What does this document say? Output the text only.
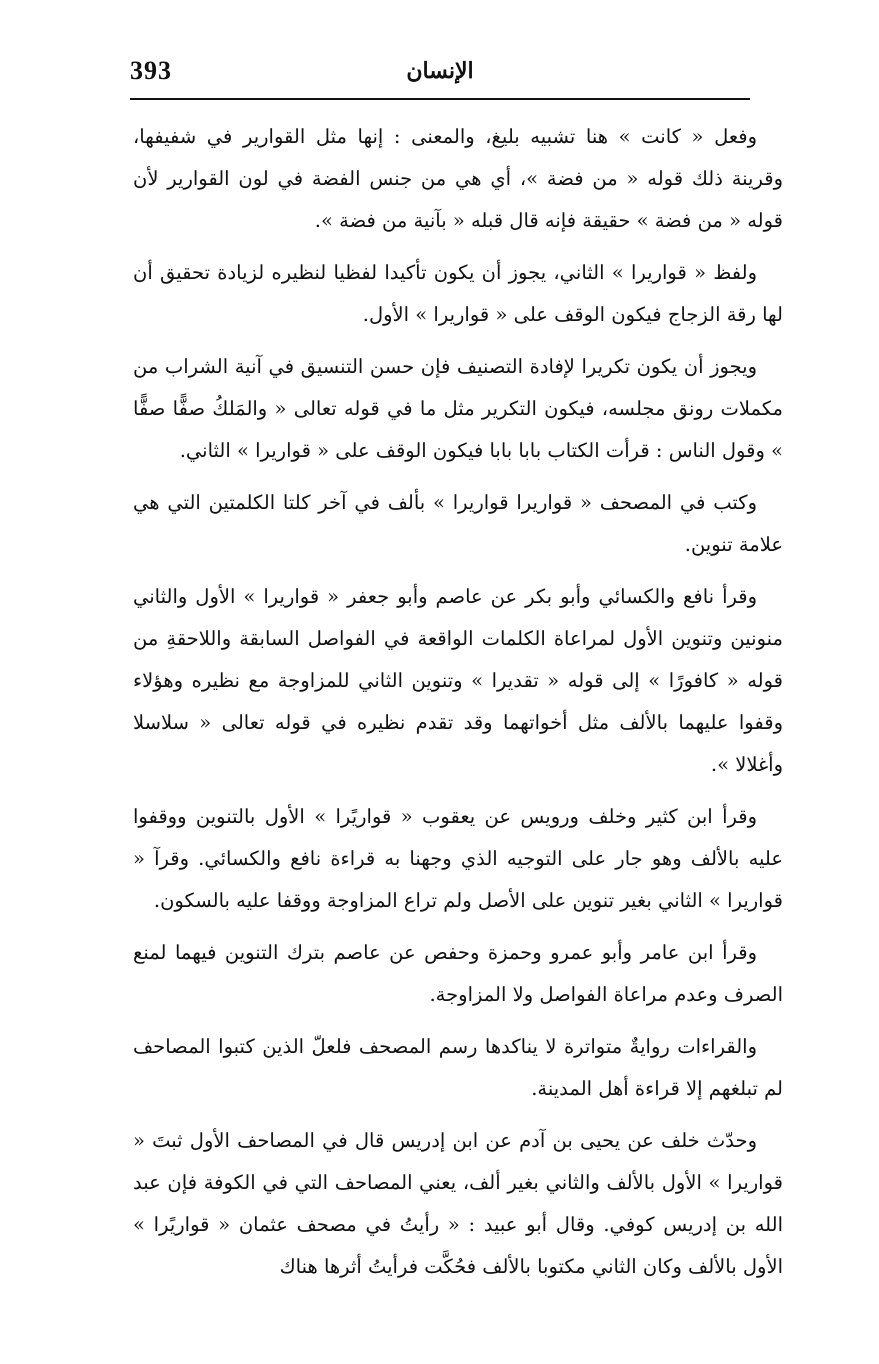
393	الإنسان

وفعل « كانت » هنا تشبيه بليغ، والمعنى : إنها مثل القوارير في شفيفها، وقرينة ذلك قوله « من فضة »، أي هي من جنس الفضة في لون القوارير لأن قوله « من فضة » حقيقة فإنه قال قبله « بآنية من فضة ».

ولفظ « قواريرا » الثاني، يجوز أن يكون تأكيدا لفظيا لنظيره لزيادة تحقيق أن لها رقة الزجاج فيكون الوقف على « قواريرا » الأول.

ويجوز أن يكون تكريرا لإفادة التصنيف فإن حسن التنسيق في آنية الشراب من مكملات رونق مجلسه، فيكون التكرير مثل ما في قوله تعالى « والمَلكُ صفًّا صفًّا » وقول الناس : قرأت الكتاب بابا بابا فيكون الوقف على « قواريرا » الثاني.

وكتب في المصحف « قواريرا قواريرا » بألف في آخر كلتا الكلمتين التي هي علامة تنوين.

وقرأ نافع والكسائي وأبو بكر عن عاصم وأبو جعفر « قواريرا » الأول والثاني منونين وتنوين الأول لمراعاة الكلمات الواقعة في الفواصل السابقة واللاحقةِ من قوله « كافورًا » إلى قوله « تقديرا » وتنوين الثاني للمزاوجة مع نظيره وهؤلاء وقفوا عليهما بالألف مثل أخواتهما وقد تقدم نظيره في قوله تعالى « سلاسلا وأغلالا ».

وقرأ ابن كثير وخلف ورويس عن يعقوب « قواريًرا » الأول بالتنوين ووقفوا عليه بالألف وهو جار على التوجيه الذي وجهنا به قراءة نافع والكسائي. وقرآ « قواريرا » الثاني بغير تنوين على الأصل ولم تراع المزاوجة ووقفا عليه بالسكون.

وقرأ ابن عامر وأبو عمرو وحمزة وحفص عن عاصم بترك التنوين فيهما لمنع الصرف وعدم مراعاة الفواصل ولا المزاوجة.

والقراءات روايةٌ متواترة لا يناكدها رسم المصحف فلعلّ الذين كتبوا المصاحف لم تبلغهم إلا قراءة أهل المدينة.

وحدّث خلف عن يحيى بن آدم عن ابن إدريس قال في المصاحف الأول ثبتَ « قواريرا » الأول بالألف والثاني بغير ألف، يعني المصاحف التي في الكوفة فإن عبد الله بن إدريس كوفي. وقال أبو عبيد : « رأيتُ في مصحف عثمان « قواريًرا » الأول بالألف وكان الثاني مكتوبا بالألف فحُكَّت فرأيتُ أثرها هناك
